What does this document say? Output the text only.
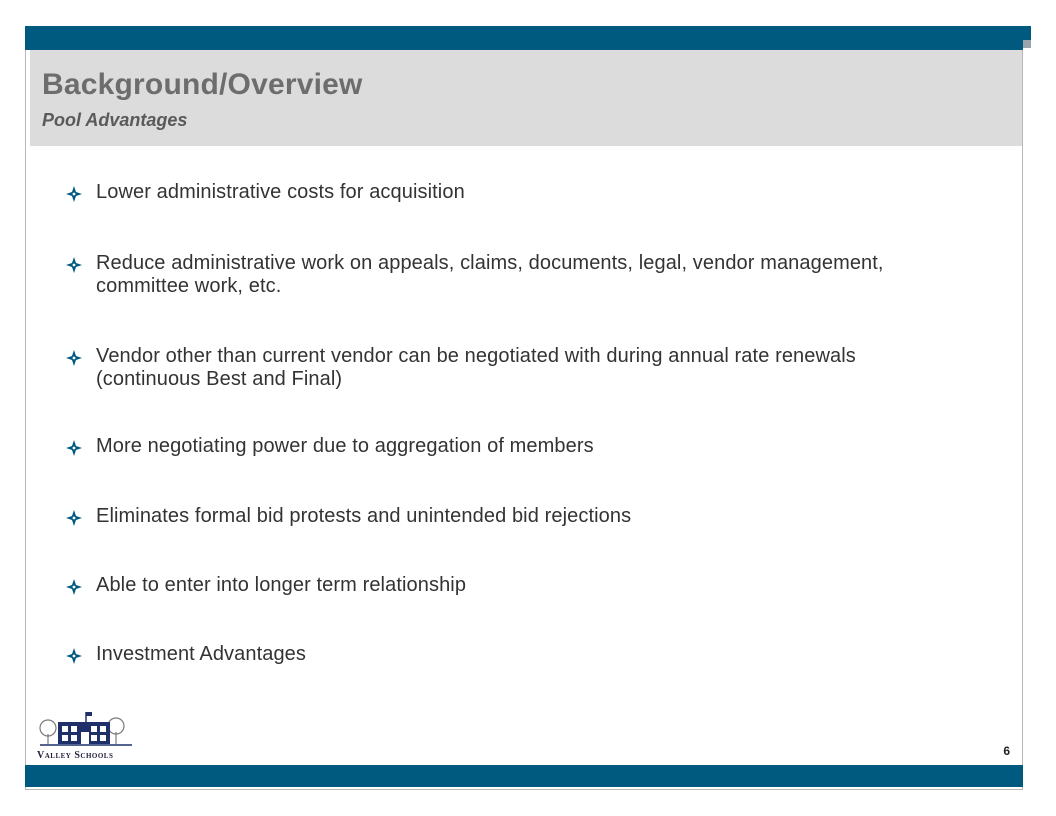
Background/Overview
Pool Advantages
Lower administrative costs for acquisition
Reduce administrative work on appeals, claims, documents, legal, vendor management, committee work, etc.
Vendor other than current vendor can be negotiated with during annual rate renewals (continuous Best and Final)
More negotiating power due to aggregation of members
Eliminates formal bid protests and unintended bid rejections
Able to enter into longer term relationship
Investment Advantages
Valley Schools	6
